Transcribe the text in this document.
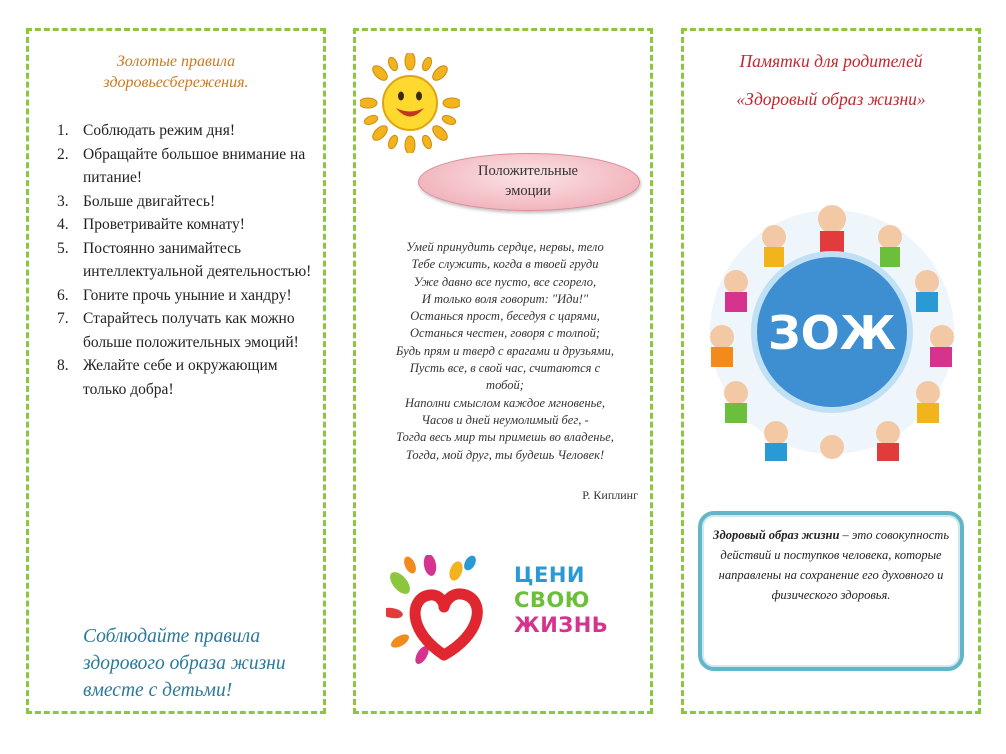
Золотые правила
здоровьесбережения.
1. Соблюдать режим дня!
2. Обращайте большое внимание на питание!
3. Больше двигайтесь!
4. Проветривайте комнату!
5. Постоянно занимайтесь интеллектуальной деятельностью!
6. Гоните прочь уныние и хандру!
7. Старайтесь получать как можно больше положительных эмоций!
8. Желайте себе и окружающим только добра!
Соблюдайте правила
здорового образа жизни
вместе с детьми!
Положительные
эмоции
Умей принудить сердце, нервы, тело
Тебе служить, когда в твоей груди
Уже давно все пусто, все сгорело,
И только воля говорит: "Иди!"
Останься прост, беседуя с царями,
Останься честен, говоря с толпой;
Будь прям и тверд с врагами и друзьями,
Пусть все, в свой час, считаются с
тобой;
Наполни смыслом каждое мгновенье,
Часов и дней неумолимый бег, -
Тогда весь мир ты примешь во владенье,
Тогда, мой друг, ты будешь Человек!
Р. Киплинг
ЦЕНИ
СВОЮ
ЖИЗНЬ
Памятки для родителей
«Здоровый образ жизни»
ЗОЖ
Здоровый образ жизни – это совокупность действий и поступков человека, которые направлены на сохранение его духовного и физического здоровья.
